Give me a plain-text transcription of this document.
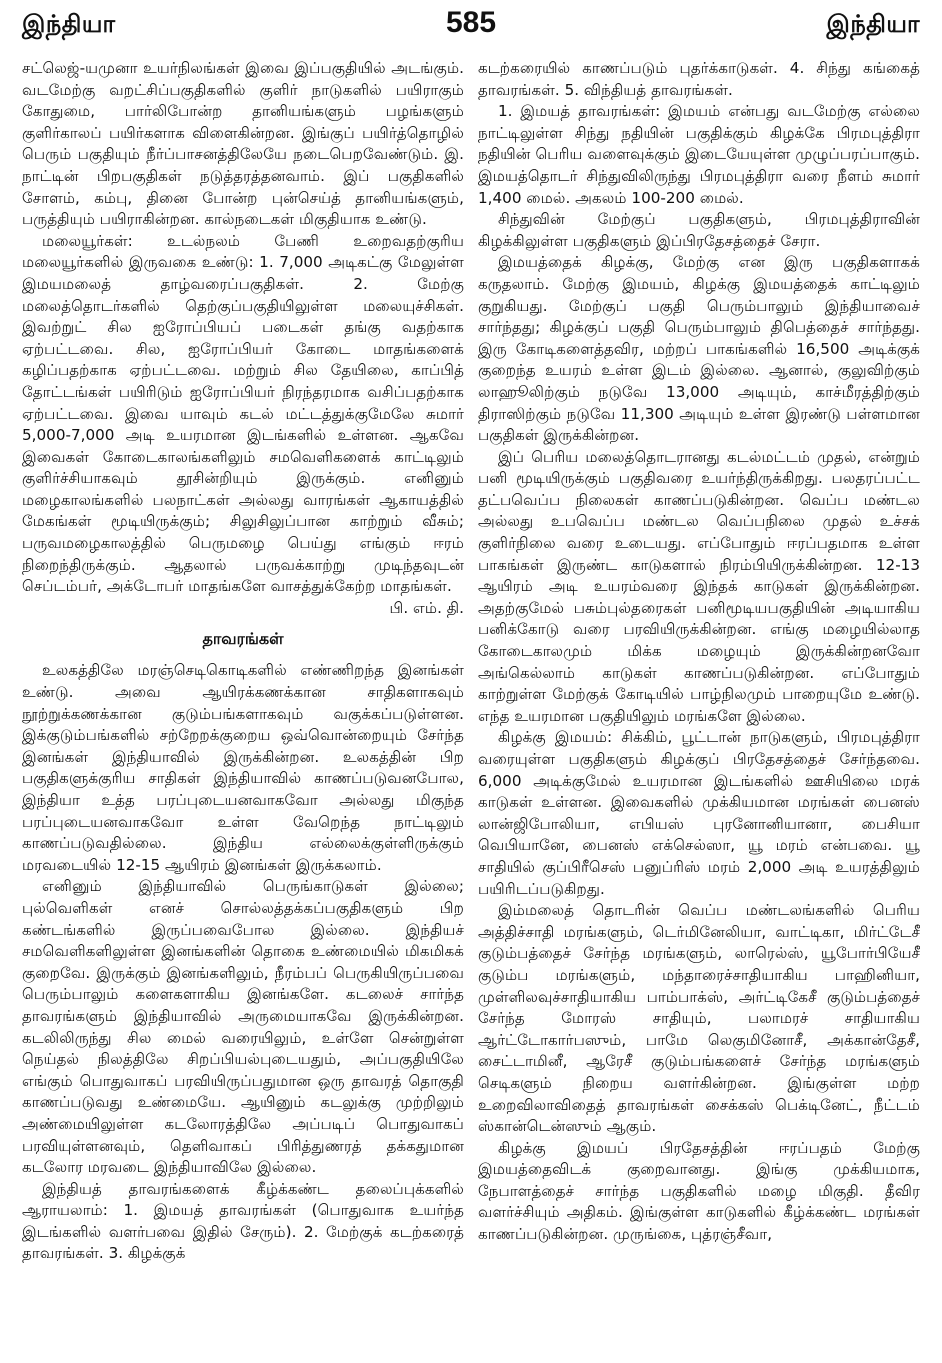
இந்தியா	585	இந்தியா

சட்லெஜ்-யமுனா உயர்நிலங்கள் இவை இப்பகுதியில் அடங்கும். வடமேற்கு வறட்சிப்பகுதிகளில் குளிர் நாடுகளில் பயிராகும் கோதுமை, பார்லிபோன்ற தானியங்களும் பழங்களும் குளிர்காலப் பயிர்களாக விளைகின்றன. இங்குப் பயிர்த்தொழில் பெரும் பகுதியும் நீர்ப்பாசனத்திலேயே நடைபெறவேண்டும். இ. நாட்டின் பிறபகுதிகள் நடுத்தரத்தனவாம். இப் பகுதிகளில் சோளம், கம்பு, தினை போன்ற புன்செய்த் தானியங்களும், பருத்தியும் பயிராகின்றன. கால்நடைகள் மிகுதியாக உண்டு.

மலையூர்கள்: உடல்நலம் பேணி உறைவதற்குரிய மலையூர்களில் இருவகை உண்டு: 1. 7,000 அடிகட்கு மேலுள்ள இமயமலைத் தாழ்வரைப்பகுதிகள். 2. மேற்கு மலைத்தொடர்களில் தெற்குப்பகுதியிலுள்ள மலையுச்சிகள். இவற்றுட் சில ஐரோப்பியப் படைகள் தங்கு வதற்காக ஏற்பட்டவை. சில, ஐரோப்பியர் கோடை மாதங்களைக் கழிப்பதற்காக ஏற்பட்டவை. மற்றும் சில தேயிலை, காப்பித் தோட்டங்கள் பயிரிடும் ஐரோப்பியர் நிரந்தரமாக வசிப்பதற்காக ஏற்பட்டவை. இவை யாவும் கடல் மட்டத்துக்குமேலே சுமார் 5,000-7,000 அடி உயரமான இடங்களில் உள்ளன. ஆகவே இவைகள் கோடைகாலங்களிலும் சமவெளிகளைக் காட்டிலும் குளிர்ச்சியாகவும் தூசின்றியும் இருக்கும். எனினும் மழைகாலங்களில் பலநாட்கள் அல்லது வாரங்கள் ஆகாயத்தில் மேகங்கள் மூடியிருக்கும்; சிலுசிலுப்பான காற்றும் வீசும்; பருவமழைகாலத்தில் பெருமழை பெய்து எங்கும் ஈரம் நிறைந்திருக்கும். ஆதலால் பருவக்காற்று முடிந்தவுடன் செப்டம்பர், அக்டோபர் மாதங்களே வாசத்துக்கேற்ற மாதங்கள்.

பி. எம். தி.

தாவரங்கள்

உலகத்திலே மரஞ்செடிகொடிகளில் எண்ணிறந்த இனங்கள் உண்டு. அவை ஆயிரக்கணக்கான சாதிகளாகவும் நூற்றுக்கணக்கான குடும்பங்களாகவும் வகுக்கப்படுள்ளன. இக்குடும்பங்களில் சற்றேறக்குறைய ஒவ்வொன்றையும் சேர்ந்த இனங்கள் இந்தியாவில் இருக்கின்றன. உலகத்தின் பிற பகுதிகளுக்குரிய சாதிகள் இந்தியாவில் காணப்படுவனபோல, இந்தியா உத்த பரப்புடையனவாகவோ அல்லது மிகுந்த பரப்புடையனவாகவோ உள்ள வேறெந்த நாட்டிலும் காணப்படுவதில்லை. இந்திய எல்லைக்குள்ளிருக்கும் மரவடையில் 12-15 ஆயிரம் இனங்கள் இருக்கலாம்.

எனினும் இந்தியாவில் பெருங்காடுகள் இல்லை; புல்வெளிகள் எனச் சொல்லத்தக்கப்பகுதிகளும் பிற கண்டங்களில் இருப்பவைபோல இல்லை. இந்தியச் சமவெளிகளிலுள்ள இனங்களின் தொகை உண்மையில் மிகமிகக் குறைவே. இருக்கும் இனங்களிலும், நீரம்பப் பெருகியிருப்பவை பெரும்பாலும் களைகளாகிய இனங்களே. கடலைச் சார்ந்த தாவரங்களும் இந்தியாவில் அருமையாகவே இருக்கின்றன. கடலிலிருந்து சில மைல் வரையிலும், உள்ளே சென்றுள்ள நெய்தல் நிலத்திலே சிறப்பியல்புடையதும், அப்பகுதியிலே எங்கும் பொதுவாகப் பரவியிருப்பதுமான ஒரு தாவரத் தொகுதி காணப்படுவது உண்மையே. ஆயினும் கடலுக்கு முற்றிலும் அண்மையிலுள்ள கடலோரத்திலே அப்படிப் பொதுவாகப் பரவியுள்ளனவும், தெளிவாகப் பிரித்துணரத் தக்கதுமான கடலோர மரவடை இந்தியாவிலே இல்லை.

இந்தியத் தாவரங்களைக் கீழ்க்கண்ட தலைப்புக்களில் ஆராயலாம்: 1. இமயத் தாவரங்கள் (பொதுவாக உயர்ந்த இடங்களில் வளர்பவை இதில் சேரும்). 2. மேற்குக் கடற்கரைத் தாவரங்கள். 3. கிழக்குக்

கடற்கரையில் காணப்படும் புதர்க்காடுகள். 4. சிந்து கங்கைத் தாவரங்கள். 5. விந்தியத் தாவரங்கள்.

1. இமயத் தாவரங்கள்: இமயம் என்பது வடமேற்கு எல்லை நாட்டிலுள்ள சிந்து நதியின் பகுதிக்கும் கிழக்கே பிரமபுத்திரா நதியின் பெரிய வளைவுக்கும் இடையேயுள்ள முழுப்பரப்பாகும். இமயத்தொடர் சிந்துவிலிருந்து பிரமபுத்திரா வரை நீளம் சுமார் 1,400 மைல். அகலம் 100-200 மைல்.

சிந்துவின் மேற்குப் பகுதிகளும், பிரமபுத்திராவின் கிழக்கிலுள்ள பகுதிகளும் இப்பிரதேசத்தைச் சேரா.

இமயத்தைக் கிழக்கு, மேற்கு என இரு பகுதிகளாகக் கருதலாம். மேற்கு இமயம், கிழக்கு இமயத்தைக் காட்டிலும் குறுகியது. மேற்குப் பகுதி பெரும்பாலும் இந்தியாவைச் சார்ந்தது; கிழக்குப் பகுதி பெரும்பாலும் திபெத்தைச் சார்ந்தது. இரு கோடிகளைத்தவிர, மற்றப் பாகங்களில் 16,500 அடிக்குக் குறைந்த உயரம் உள்ள இடம் இல்லை. ஆனால், குலுவிற்கும் லாஹூலிற்கும் நடுவே 13,000 அடியும், காச்மீரத்திற்கும் திராஸிற்கும் நடுவே 11,300 அடியும் உள்ள இரண்டு பள்ளமான பகுதிகள் இருக்கின்றன.

இப் பெரிய மலைத்தொடரானது கடல்மட்டம் முதல், என்றும் பனி மூடியிருக்கும் பகுதிவரை உயர்ந்திருக்கிறது. பலதரப்பட்ட தட்பவெப்ப நிலைகள் காணப்படுகின்றன. வெப்ப மண்டல அல்லது உபவெப்ப மண்டல வெப்பநிலை முதல் உச்சக் குளிர்நிலை வரை உடையது. எப்போதும் ஈரப்பதமாக உள்ள பாகங்கள் இருண்ட காடுகளால் நிரம்பியிருக்கின்றன. 12-13 ஆயிரம் அடி உயரம்வரை இந்தக் காடுகள் இருக்கின்றன. அதற்குமேல் பசும்புல்தரைகள் பனிமூடியபகுதியின் அடியாகிய பனிக்கோடு வரை பரவியிருக்கின்றன. எங்கு மழையில்லாத கோடைகாலமும் மிக்க மழையும் இருக்கின்றனவோ அங்கெல்லாம் காடுகள் காணப்படுகின்றன. எப்போதும் காற்றுள்ள மேற்குக் கோடியில் பாழ்நிலமும் பாறையுமே உண்டு. எந்த உயரமான பகுதியிலும் மரங்களே இல்லை.

கிழக்கு இமயம்: சிக்கிம், பூட்டான் நாடுகளும், பிரமபுத்திரா வரையுள்ள பகுதிகளும் கிழக்குப் பிரதேசத்தைச் சேர்ந்தவை. 6,000 அடிக்குமேல் உயரமான இடங்களில் ஊசியிலை மரக் காடுகள் உள்ளன. இவைகளில் முக்கியமான மரங்கள் பைனஸ் லான்ஜிபோலியா, எபியஸ் புரனோனியானா, பைசியா வெபியானே, பைனஸ் எக்செல்ஸா, யூ மரம் என்பவை. யூ சாதியில் குப்பிரீசெஸ் பனுப்ரிஸ் மரம் 2,000 அடி உயரத்திலும் பயிரிடப்படுகிறது.

இம்மலைத் தொடரின் வெப்ப மண்டலங்களில் பெரிய அத்திச்சாதி மரங்களும், டெர்மினேலியா, வாட்டிகா, மிர்ட்டேசீ குடும்பத்தைச் சேர்ந்த மரங்களும், லாரெல்ஸ், யூபோர்பியேசீ குடும்ப மரங்களும், மந்தாரைச்சாதியாகிய பாஹினியா, முள்ளிலவுச்சாதியாகிய பாம்பாக்ஸ், அர்ட்டிகேசீ குடும்பத்தைச் சேர்ந்த மோரஸ் சாதியும், பலாமரச் சாதியாகிய ஆர்ட்டோகார்பஸும், பாமே லெகுமினோசீ, அக்கான்தேசீ, சைட்டாமினீ, ஆரேசீ குடும்பங்களைச் சேர்ந்த மரங்களும் செடிகளும் நிறைய வளர்கின்றன. இங்குள்ள மற்ற உறைவிலாவிதைத் தாவரங்கள் சைக்கஸ் பெக்டினேட், நீட்டம் ஸ்கான்டென்ஸும் ஆகும்.

கிழக்கு இமயப் பிரதேசத்தின் ஈரப்பதம் மேற்கு இமயத்தைவிடக் குறைவானது. இங்கு முக்கியமாக, நேபாளத்தைச் சார்ந்த பகுதிகளில் மழை மிகுதி. தீவிர வளர்ச்சியும் அதிகம். இங்குள்ள காடுகளில் கீழ்க்கண்ட மரங்கள் காணப்படுகின்றன. முருங்கை, புத்ரஞ்சீவா,
